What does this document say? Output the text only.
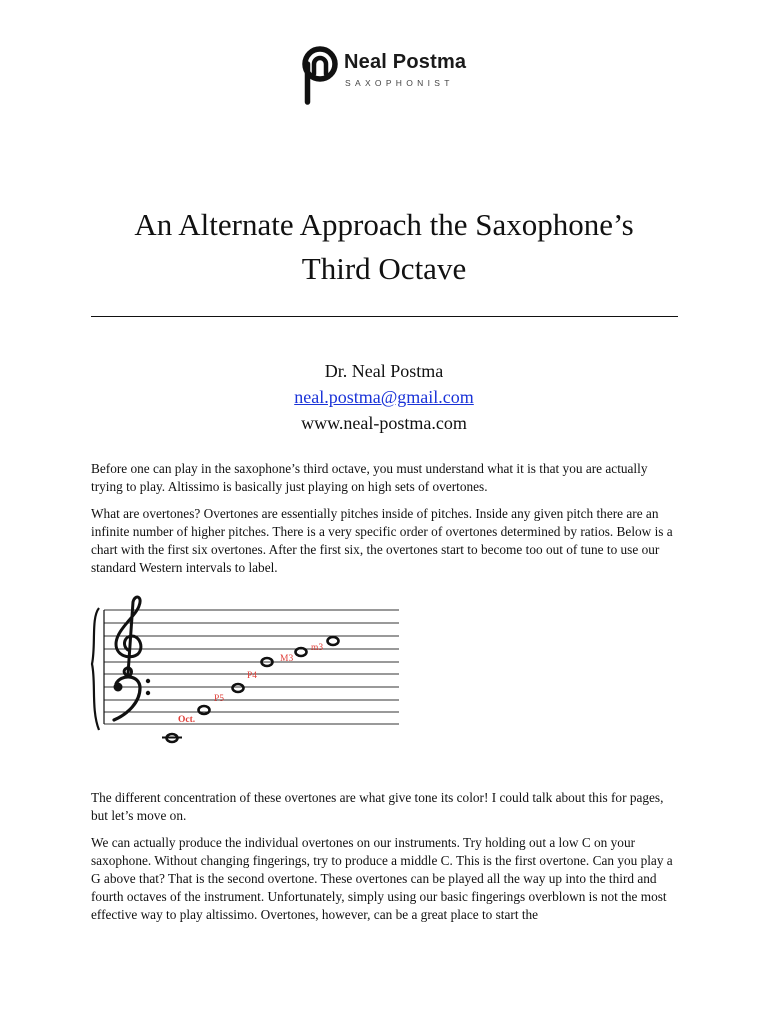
Neal Postma
SAXOPHONIST
An Alternate Approach the Saxophone’s
Third Octave
Dr. Neal Postma
neal.postma@gmail.com
www.neal-postma.com

Before one can play in the saxophone’s third octave, you must understand what it is that you are actually trying to play. Altissimo is basically just playing on high sets of overtones.

What are overtones? Overtones are essentially pitches inside of pitches. Inside any given pitch there are an infinite number of higher pitches. There is a very specific order of overtones determined by ratios. Below is a chart with the first six overtones. After the first six, the overtones start to become too out of tune to use our standard Western intervals to label.

Oct.
P5
P4
M3
m3

The different concentration of these overtones are what give tone its color! I could talk about this for pages, but let’s move on.

We can actually produce the individual overtones on our instruments. Try holding out a low C on your saxophone. Without changing fingerings, try to produce a middle C. This is the first overtone. Can you play a G above that? That is the second overtone. These overtones can be played all the way up into the third and fourth octaves of the instrument. Unfortunately, simply using our basic fingerings overblown is not the most effective way to play altissimo. Overtones, however, can be a great place to start the
